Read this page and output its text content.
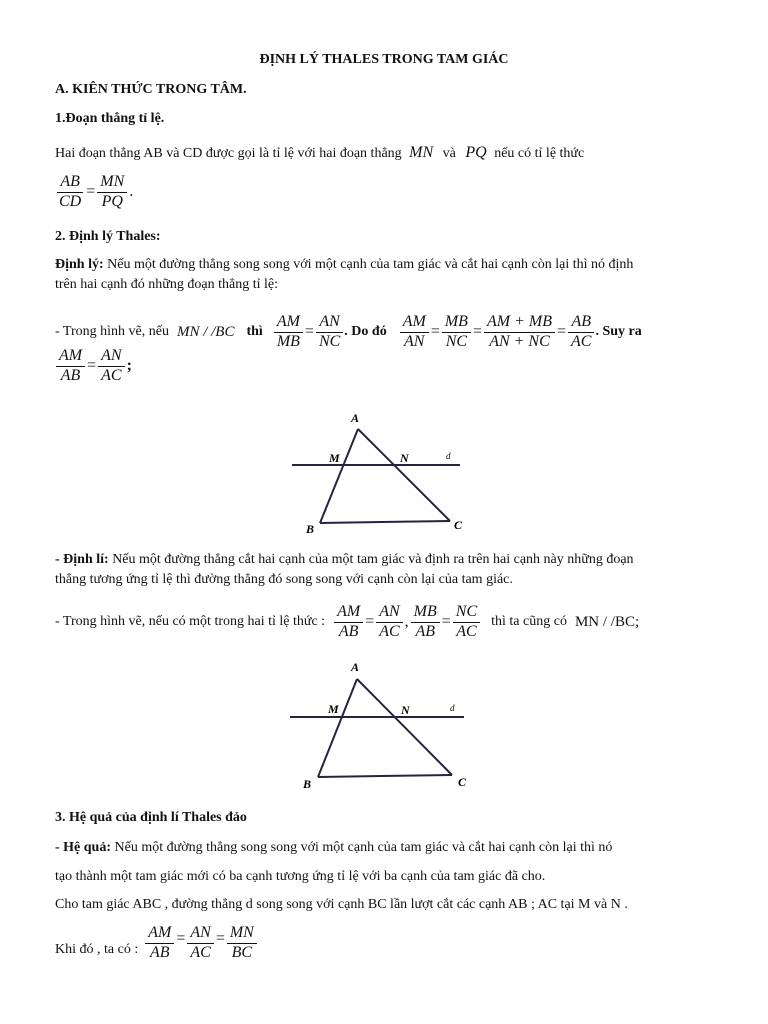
ĐỊNH LÝ THALES TRONG TAM GIÁC
A. KIÊN THỨC TRONG TÂM.
1.Đoạn thẳng tỉ lệ.
Hai đoạn thẳng AB và CD được gọi là tỉ lệ với hai đoạn thẳng MN và PQ nếu có tỉ lệ thức
$\frac{AB}{CD} = \frac{MN}{PQ}$ .
2. Định lý Thales:
Định lý: Nếu một đường thẳng song song với một cạnh của tam giác và cắt hai cạnh còn lại thì nó định
trên hai cạnh đó những đoạn thẳng tỉ lệ:
- Trong hình vẽ, nếu MN / /BC thì $\frac{AM}{MB} = \frac{AN}{NC}$ . Do đó $\frac{AM}{AN} = \frac{MB}{NC} = \frac{AM + MB}{AN + NC} = \frac{AB}{AC}$ . Suy ra
$\frac{AM}{AB} = \frac{AN}{AC}$ ;
A
M	N	d
B	C
- Định lí: Nếu một đường thẳng cắt hai cạnh của một tam giác và định ra trên hai cạnh này những đoạn
thẳng tương ứng tỉ lệ thì đường thẳng đó song song với cạnh còn lại của tam giác.
- Trong hình vẽ, nếu có một trong hai tỉ lệ thức : $\frac{AM}{AB} = \frac{AN}{AC}$ , $\frac{MB}{AB} = \frac{NC}{AC}$ thì ta cũng có MN / /BC;
A
M	N	d
B	C
3. Hệ quả của định lí Thales đảo
- Hệ quả: Nếu một đường thẳng song song với một cạnh của tam giác và cắt hai cạnh còn lại thì nó
tạo thành một tam giác mới có ba cạnh tương ứng tỉ lệ với ba cạnh của tam giác đã cho.
Cho tam giác ABC , đường thẳng d song song với cạnh BC lần lượt cắt các cạnh AB ; AC tại M và N .
Khi đó , ta có : $\frac{AM}{AB} = \frac{AN}{AC} = \frac{MN}{BC}$
